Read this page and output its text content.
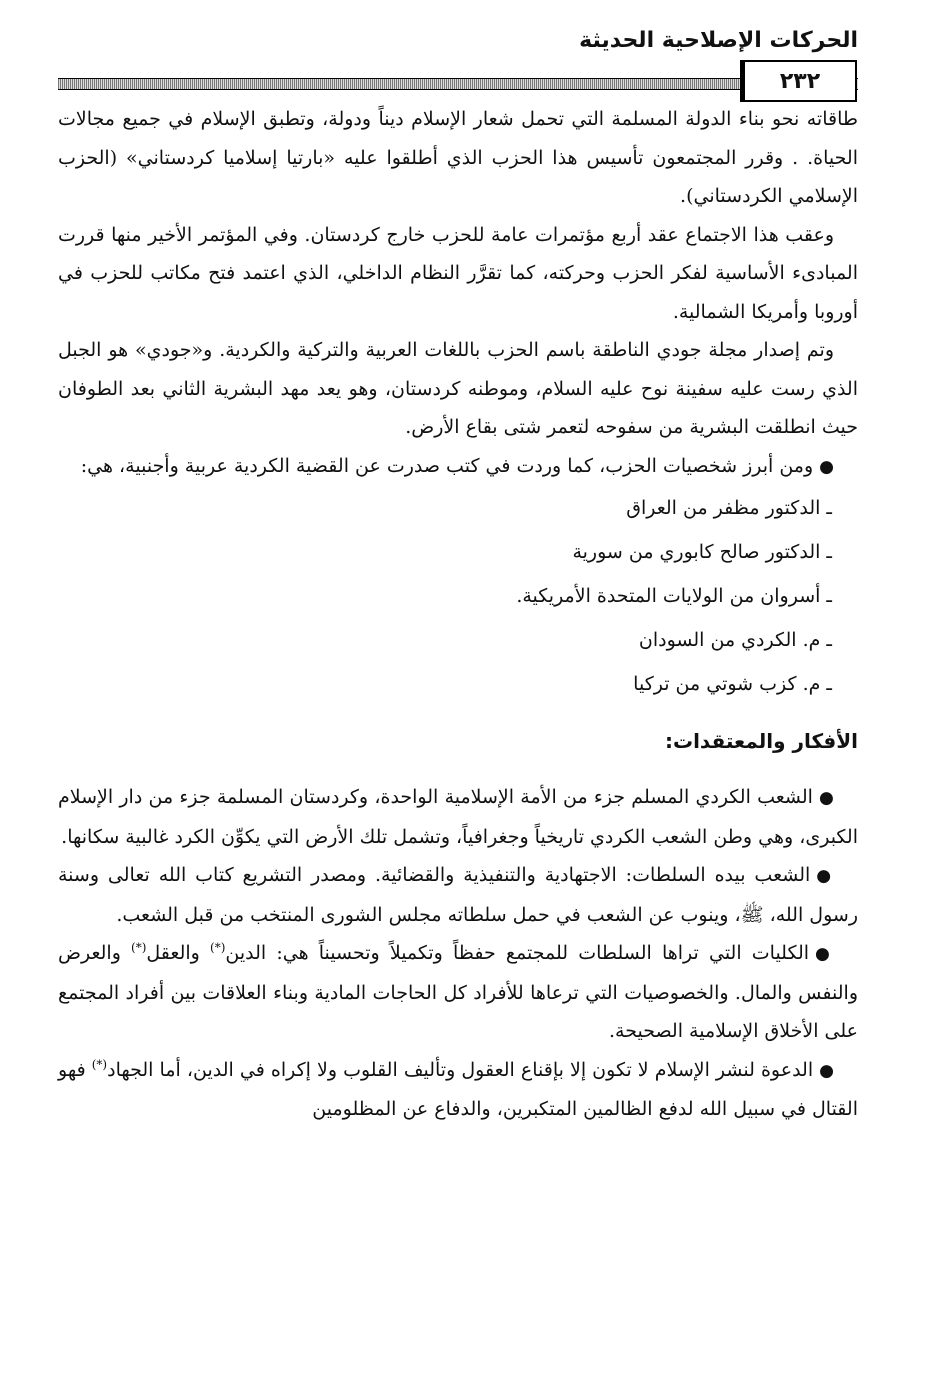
الحركات الإصلاحية الحديثة
٢٣٢

طاقاته نحو بناء الدولة المسلمة التي تحمل شعار الإسلام ديناً ودولة، وتطبق الإسلام في جميع مجالات الحياة. . وقرر المجتمعون تأسيس هذا الحزب الذي أطلقوا عليه «بارتيا إسلاميا كردستاني» (الحزب الإسلامي الكردستاني).

وعقب هذا الاجتماع عقد أربع مؤتمرات عامة للحزب خارج كردستان. وفي المؤتمر الأخير منها قررت المبادىء الأساسية لفكر الحزب وحركته، كما تقرَّر النظام الداخلي، الذي اعتمد فتح مكاتب للحزب في أوروبا وأمريكا الشمالية.

وتم إصدار مجلة جودي الناطقة باسم الحزب باللغات العربية والتركية والكردية. و«جودي» هو الجبل الذي رست عليه سفينة نوح عليه السلام، وموطنه كردستان، وهو يعد مهد البشرية الثاني بعد الطوفان حيث انطلقت البشرية من سفوحه لتعمر شتى بقاع الأرض.

●ومن أبرز شخصيات الحزب، كما وردت في كتب صدرت عن القضية الكردية عربية وأجنبية، هي:

ـ الدكتور مظفر من العراق
ـ الدكتور صالح كابوري من سورية
ـ أسروان من الولايات المتحدة الأمريكية.
ـ م. الكردي من السودان
ـ م. كزب شوتي من تركيا
الأفكار والمعتقدات:

●الشعب الكردي المسلم جزء من الأمة الإسلامية الواحدة، وكردستان المسلمة جزء من دار الإسلام الكبرى، وهي وطن الشعب الكردي تاريخياً وجغرافياً، وتشمل تلك الأرض التي يكوِّن الكرد غالبية سكانها.

●الشعب بيده السلطات: الاجتهادية والتنفيذية والقضائية. ومصدر التشريع كتاب الله تعالى وسنة رسول الله، ﷺ، وينوب عن الشعب في حمل سلطاته مجلس الشورى المنتخب من قبل الشعب.

●الكليات التي تراها السلطات للمجتمع حفظاً وتكميلاً وتحسيناً هي: الدين(*) والعقل(*) والعرض والنفس والمال. والخصوصيات التي ترعاها للأفراد كل الحاجات المادية وبناء العلاقات بين أفراد المجتمع على الأخلاق الإسلامية الصحيحة.

●الدعوة لنشر الإسلام لا تكون إلا بإقناع العقول وتأليف القلوب ولا إكراه في الدين، أما الجهاد(*) فهو القتال في سبيل الله لدفع الظالمين المتكبرين، والدفاع عن المظلومين
